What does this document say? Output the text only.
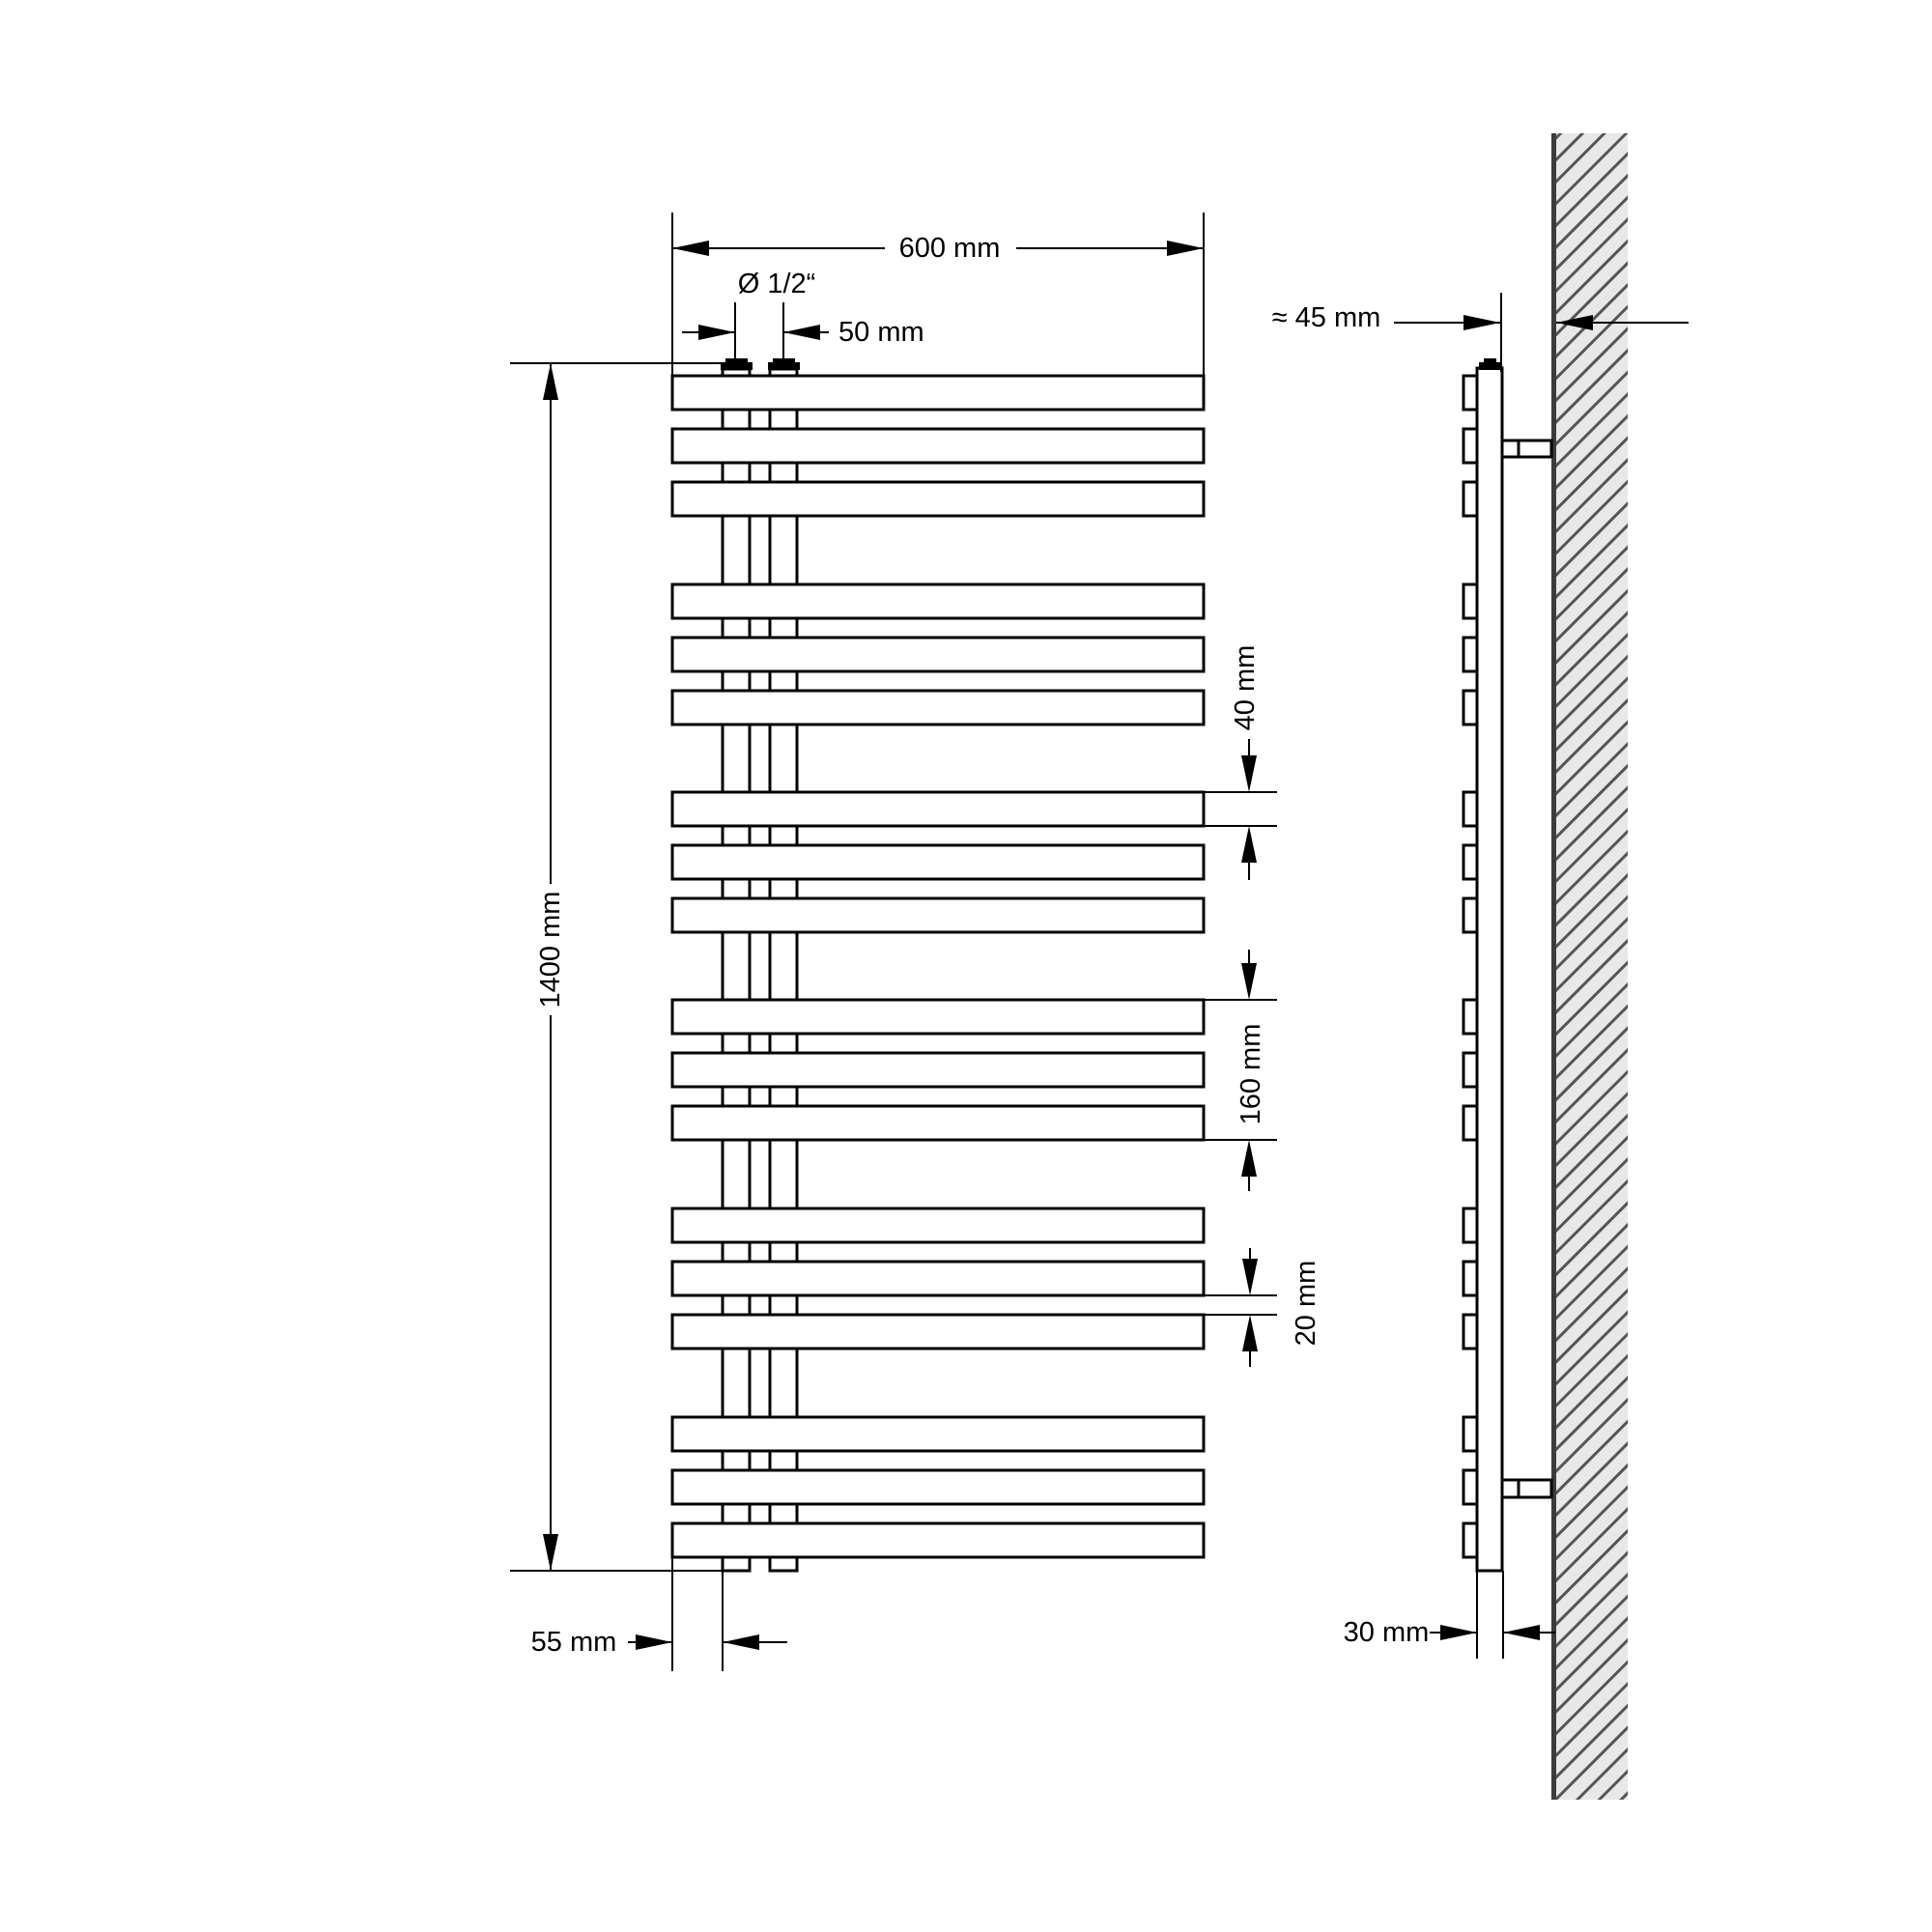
600 mm
Ø 1/2“
50 mm
1400 mm
40 mm
160 mm
20 mm
55 mm
≈ 45 mm
30 mm
